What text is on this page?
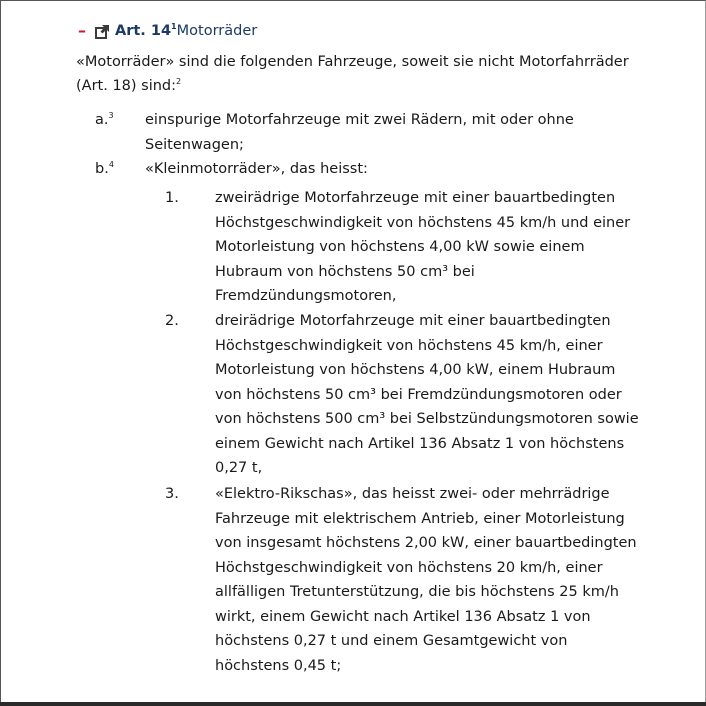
– Art. $14^1$ Motorräder
«Motorräder» sind die folgenden Fahrzeuge, soweit sie nicht Motorfahrräder (Art. 18) sind:$^2$
a.$^3$ einspurige Motorfahrzeuge mit zwei Rädern, mit oder ohne Seitenwagen;
b.$^4$ «Kleinmotorräder», das heisst:
1. zweirädrige Motorfahrzeuge mit einer bauartbedingten Höchstgeschwindigkeit von höchstens 45 km/h und einer Motorleistung von höchstens 4,00 kW sowie einem Hubraum von höchstens 50 cm³ bei Fremdzündungsmotoren,
2. dreirädrige Motorfahrzeuge mit einer bauartbedingten Höchstgeschwindigkeit von höchstens 45 km/h, einer Motorleistung von höchstens 4,00 kW, einem Hubraum von höchstens 50 cm³ bei Fremdzündungsmotoren oder von höchstens 500 cm³ bei Selbstzündungsmotoren sowie einem Gewicht nach Artikel 136 Absatz 1 von höchstens 0,27 t,
3. «Elektro-Rikschas», das heisst zwei- oder mehrrädrige Fahrzeuge mit elektrischem Antrieb, einer Motorleistung von insgesamt höchstens 2,00 kW, einer bauartbedingten Höchstgeschwindigkeit von höchstens 20 km/h, einer allfälligen Tretunterstützung, die bis höchstens 25 km/h wirkt, einem Gewicht nach Artikel 136 Absatz 1 von höchstens 0,27 t und einem Gesamtgewicht von höchstens 0,45 t;
